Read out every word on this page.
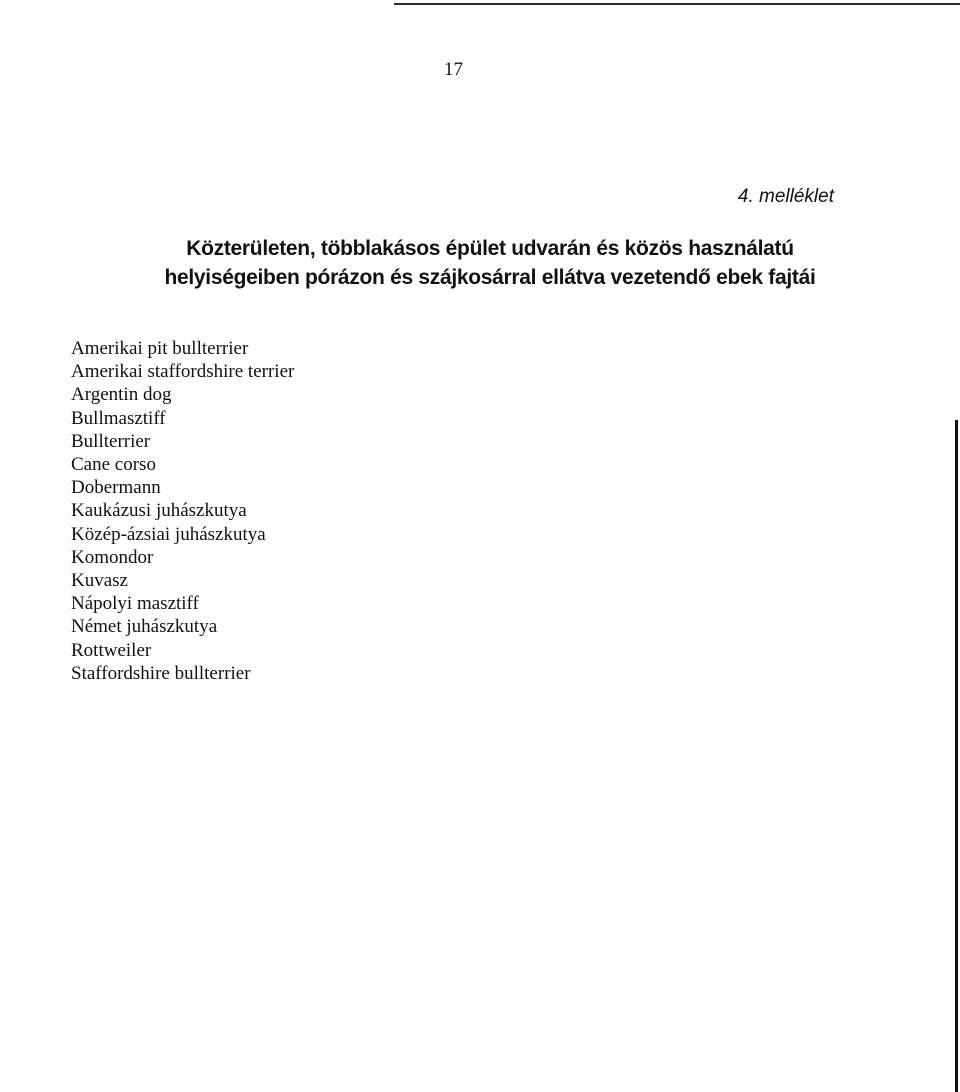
17
4. melléklet
Közterületen, többlakásos épület udvarán és közös használatú
helyiségeiben pórázon és szájkosárral ellátva vezetendő ebek fajtái
Amerikai pit bullterrier
Amerikai staffordshire terrier
Argentin dog
Bullmasztiff
Bullterrier
Cane corso
Dobermann
Kaukázusi juhászkutya
Közép-ázsiai juhászkutya
Komondor
Kuvasz
Nápolyi masztiff
Német juhászkutya
Rottweiler
Staffordshire bullterrier
